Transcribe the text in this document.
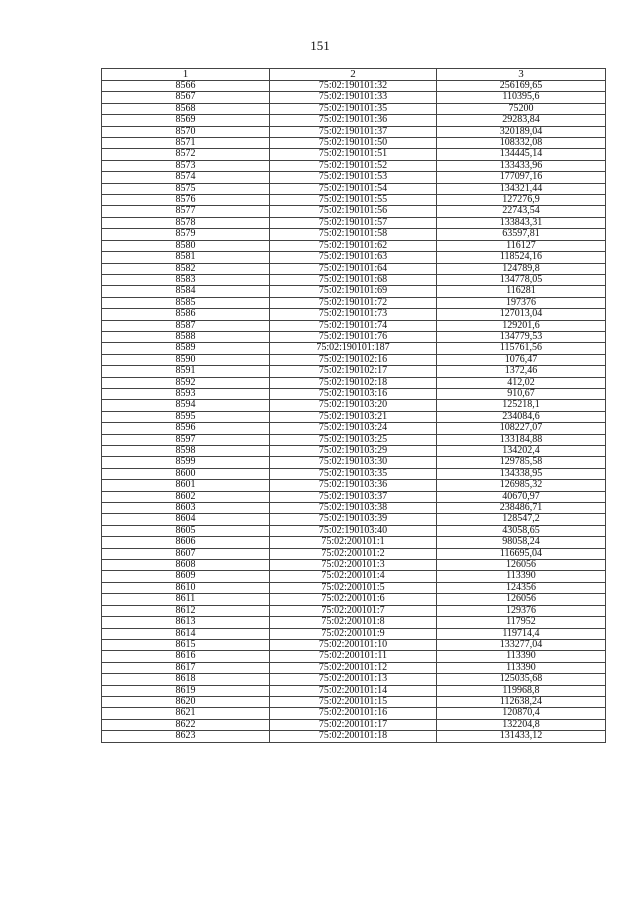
151
1	2	3
8566	75:02:190101:32	256169,65
8567	75:02:190101:33	110395,6
8568	75:02:190101:35	75200
8569	75:02:190101:36	29283,84
8570	75:02:190101:37	320189,04
8571	75:02:190101:50	108332,08
8572	75:02:190101:51	134445,14
8573	75:02:190101:52	133433,96
8574	75:02:190101:53	177097,16
8575	75:02:190101:54	134321,44
8576	75:02:190101:55	127276,9
8577	75:02:190101:56	22743,54
8578	75:02:190101:57	133843,31
8579	75:02:190101:58	63597,81
8580	75:02:190101:62	116127
8581	75:02:190101:63	118524,16
8582	75:02:190101:64	124789,8
8583	75:02:190101:68	134778,05
8584	75:02:190101:69	116281
8585	75:02:190101:72	197376
8586	75:02:190101:73	127013,04
8587	75:02:190101:74	129201,6
8588	75:02:190101:76	134779,53
8589	75:02:190101:187	115761,56
8590	75:02:190102:16	1076,47
8591	75:02:190102:17	1372,46
8592	75:02:190102:18	412,02
8593	75:02:190103:16	910,67
8594	75:02:190103:20	125218,1
8595	75:02:190103:21	234084,6
8596	75:02:190103:24	108227,07
8597	75:02:190103:25	133184,88
8598	75:02:190103:29	134202,4
8599	75:02:190103:30	129785,58
8600	75:02:190103:35	134338,95
8601	75:02:190103:36	126985,32
8602	75:02:190103:37	40670,97
8603	75:02:190103:38	238486,71
8604	75:02:190103:39	128547,2
8605	75:02:190103:40	43058,65
8606	75:02:200101:1	98058,24
8607	75:02:200101:2	116695,04
8608	75:02:200101:3	126056
8609	75:02:200101:4	113390
8610	75:02:200101:5	124356
8611	75:02:200101:6	126056
8612	75:02:200101:7	129376
8613	75:02:200101:8	117952
8614	75:02:200101:9	119714,4
8615	75:02:200101:10	133277,04
8616	75:02:200101:11	113390
8617	75:02:200101:12	113390
8618	75:02:200101:13	125035,68
8619	75:02:200101:14	119968,8
8620	75:02:200101:15	112638,24
8621	75:02:200101:16	120870,4
8622	75:02:200101:17	132204,8
8623	75:02:200101:18	131433,12
